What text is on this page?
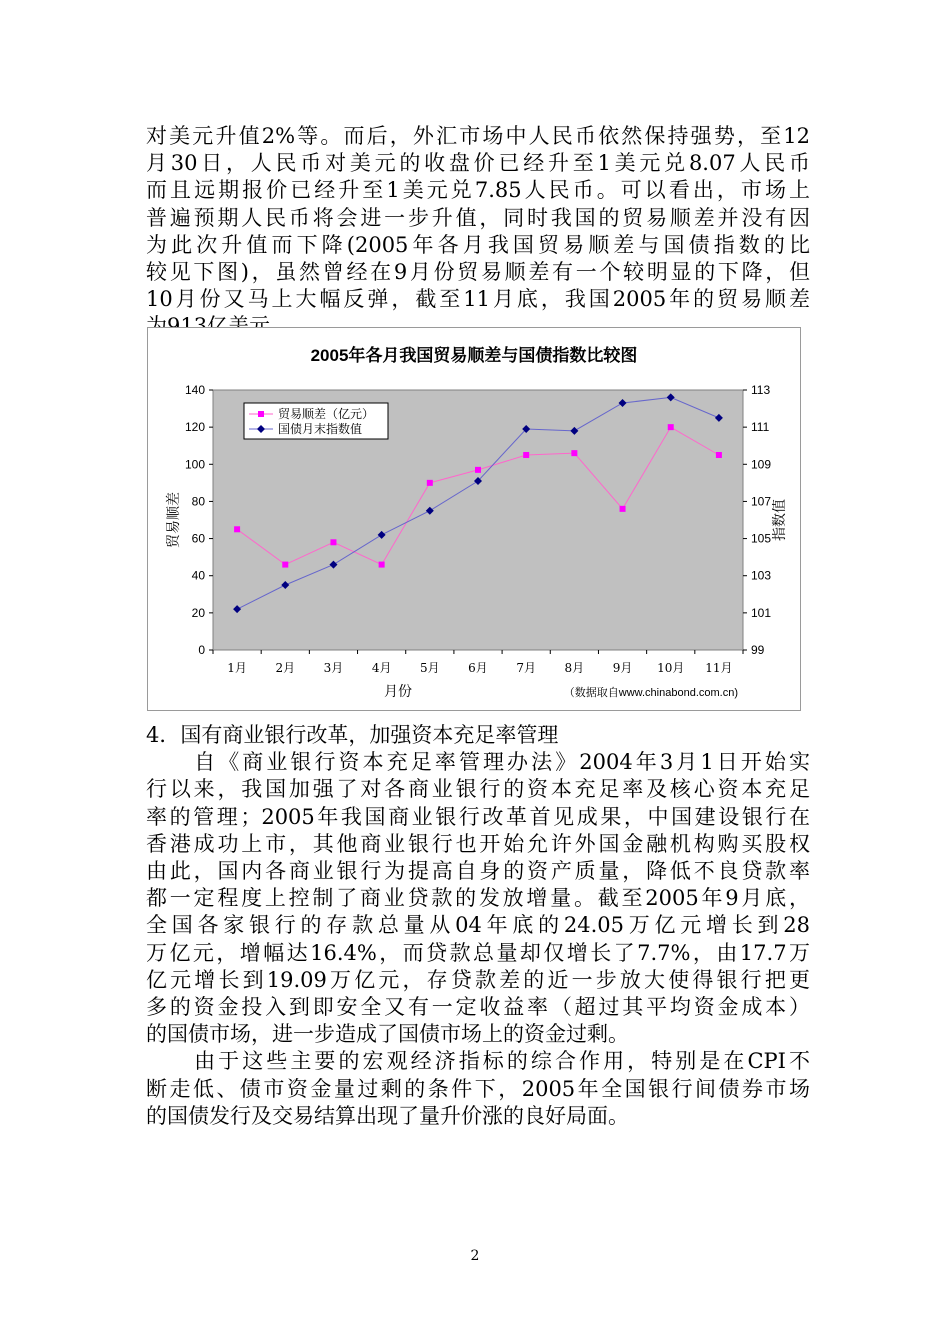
对美元升值2%等。而后，外汇市场中人民币依然保持强势，至12
月30日，人民币对美元的收盘价已经升至1美元兑8.07人民币
而且远期报价已经升至1美元兑7.85人民币。可以看出，市场上
普遍预期人民币将会进一步升值，同时我国的贸易顺差并没有因
为此次升值而下降(2005年各月我国贸易顺差与国债指数的比
较见下图)，虽然曾经在9月份贸易顺差有一个较明显的下降，但
10月份又马上大幅反弹，截至11月底，我国2005年的贸易顺差
2005年各月我国贸易顺差与国债指数比较图
0
20
40
60
80
100
120
140
99
101
103
105
107
109
111
113
1月 2月 3月 4月 5月 6月 7月 8月 9月 10月 11月
贸易顺差	指数值
月份	（数据取自www.chinabond.com.cn)
贸易顺差（亿元）
国债月末指数值
4．国有商业银行改革，加强资本充足率管理
　　自《商业银行资本充足率管理办法》2004年3月1日开始实
行以来，我国加强了对各商业银行的资本充足率及核心资本充足
率的管理；2005年我国商业银行改革首见成果，中国建设银行在
香港成功上市，其他商业银行也开始允许外国金融机构购买股权
由此，国内各商业银行为提高自身的资产质量，降低不良贷款率
都一定程度上控制了商业贷款的发放增量。截至2005年9月底，
全国各家银行的存款总量从04年底的24.05万亿元增长到28
万亿元，增幅达16.4%，而贷款总量却仅增长了7.7%，由17.7万
亿元增长到19.09万亿元，存贷款差的近一步放大使得银行把更
多的资金投入到即安全又有一定收益率（超过其平均资金成本）
的国债市场，进一步造成了国债市场上的资金过剩。
　　由于这些主要的宏观经济指标的综合作用，特别是在CPI不
断走低、债市资金量过剩的条件下，2005年全国银行间债券市场
的国债发行及交易结算出现了量升价涨的良好局面。
2
